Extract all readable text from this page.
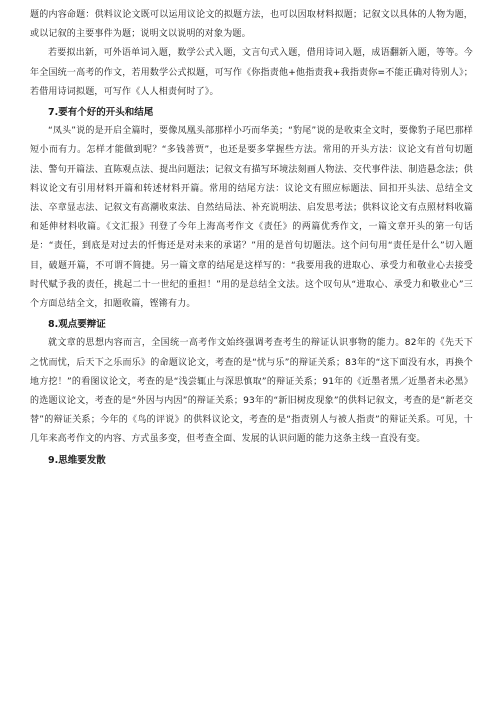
题的内容命题：供料议论文既可以运用议论文的拟题方法，也可以因取材料拟题；记叙文以具体的人物为题，或以记叙的主要事件为题；说明文以说明的对象为题。

若要拟出新，可外语单词入题，数学公式入题，文言句式入题，借用诗词入题，成语翻新入题，等等。今年全国统一高考的作文，若用数学公式拟题，可写作《你指责他+他指责我+我指责你=不能正确对待别人》；若借用诗词拟题，可写作《人人相责何时了》。

7.要有个好的开头和结尾

“凤头”说的是开启全篇时，要像凤凰头部那样小巧而华美；“豹尾”说的是收束全文时，要像豹子尾巴那样短小而有力。怎样才能做到呢？“多钱善贾”，也还是要多掌握些方法。常用的开头方法：议论文有首句切题法、警句开篇法、直陈观点法、提出问题法；记叙文有描写环境法刻画人物法、交代事件法、制造悬念法；供料议论文有引用材料开篇和转述材料开篇。常用的结尾方法：议论文有照应标题法、回扣开头法、总结全文法、卒章显志法、记叙文有高潮收束法、自然结局法、补充说明法、启发思考法；供料议论文有点照材料收篇和延伸材料收篇。《文汇报》刊登了今年上海高考作文《责任》的两篇优秀作文，一篇文章开头的第一句话是：“责任，到底是对过去的忏悔还是对未来的承诺？”用的是首句切题法。这个问句用“责任是什么”切入题目，破题开篇，不可谓不简捷。另一篇文章的结尾是这样写的：“我要用我的进取心、承受力和敬业心去接受时代赋予我的责任，挑起二十一世纪的重担！”用的是总结全文法。这个叹句从“进取心、承受力和敬业心”三个方面总结全文，扣题收篇，铿锵有力。

8.观点要辩证

就文章的思想内容而言，全国统一高考作文始终强调考查考生的辩证认识事物的能力。82年的《先天下之忧而忧，后天下之乐而乐》的命题议论文，考查的是“忧与乐”的辩证关系；83年的“这下面没有水，再换个地方挖！”的看图议论文，考查的是“浅尝辄止与深思慎取”的辩证关系；91年的《近墨者黑／近墨者未必黑》的选题议论文，考查的是“外因与内因”的辩证关系；93年的“新旧树皮现象”的供料记叙文，考查的是“新老交替”的辩证关系；今年的《鸟的评说》的供料议论文，考查的是“指责别人与被人指责”的辩证关系。可见，十几年来高考作文的内容、方式虽多变，但考查全面、发展的认识问题的能力这条主线一直没有变。

9.思维要发散
